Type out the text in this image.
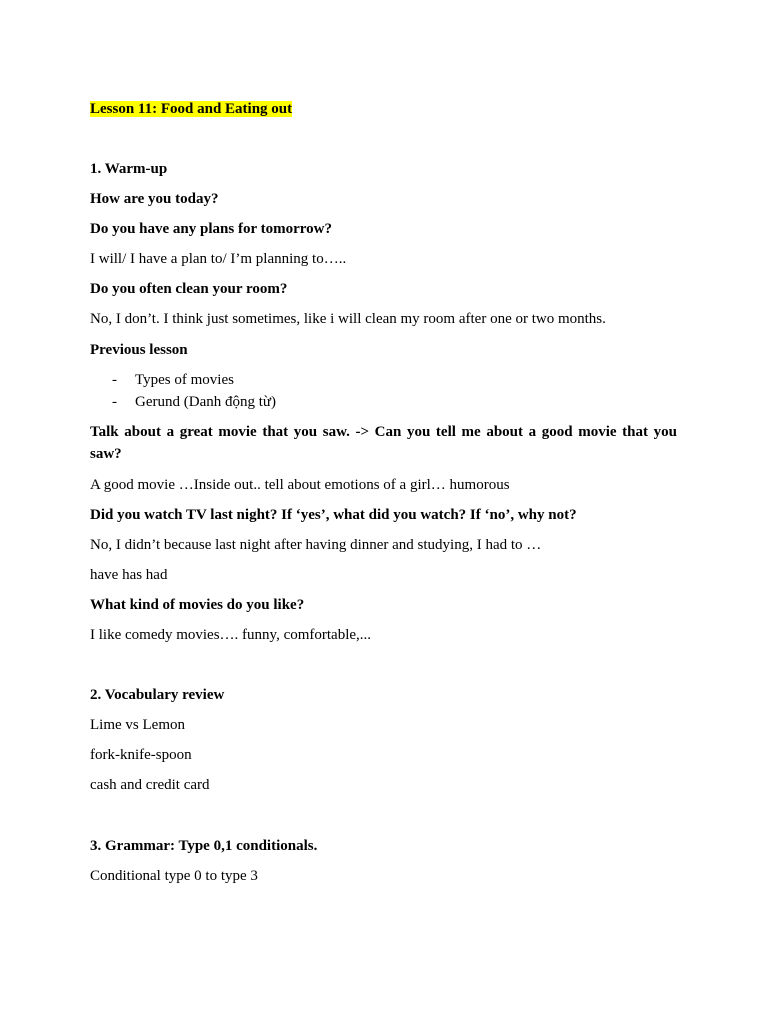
Lesson 11: Food and Eating out
1. Warm-up
How are you today?
Do you have any plans for tomorrow?
I will/ I have a plan to/ I’m planning to…..
Do you often clean your room?
No, I don’t. I think just sometimes, like i will clean my room after one or two months.
Previous lesson
- Types of movies
- Gerund (Danh động từ)
Talk about a great movie that you saw. -> Can you tell me about a good movie that you saw?
A good movie …Inside out.. tell about emotions of a girl… humorous
Did you watch TV last night? If ‘yes’, what did you watch? If ‘no’, why not?
No, I didn’t because last night after having dinner and studying, I had to …
have has had
What kind of movies do you like?
I like comedy movies…. funny, comfortable,...
2. Vocabulary review
Lime vs Lemon
fork-knife-spoon
cash and credit card
3. Grammar: Type 0,1 conditionals.
Conditional type 0 to type 3
